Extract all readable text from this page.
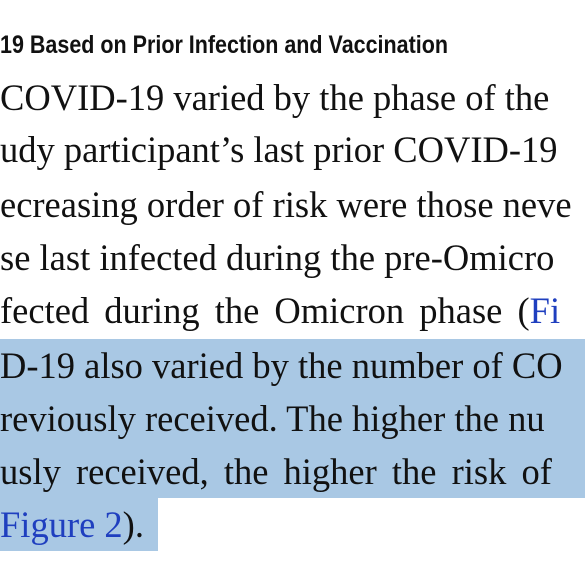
19 Based on Prior Infection and Vaccination
COVID-19 varied by the phase of the
udy participant’s last prior COVID-19
ecreasing order of risk were those neve
se last infected during the pre-Omicro
fected during the Omicron phase (Fi
D-19 also varied by the number of CO
reviously received. The higher the nu
usly received, the higher the risk of
Figure 2).
